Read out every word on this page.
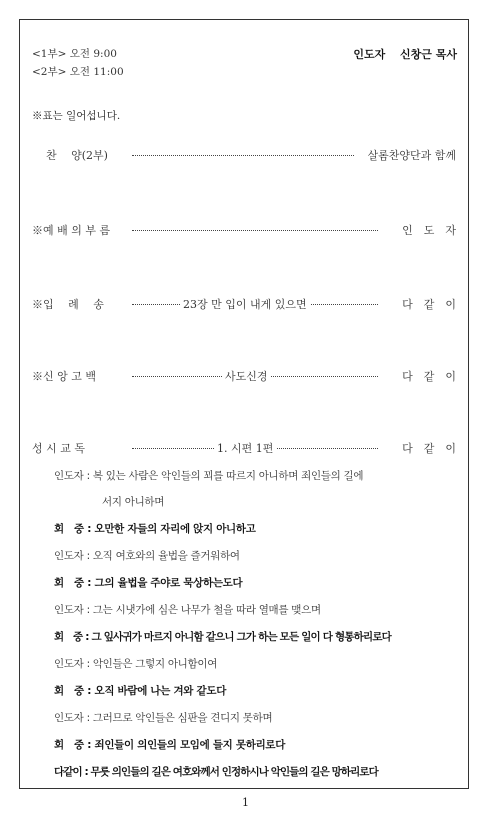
<1부> 오전 9:00
<2부> 오전 11:00
인도자　 신창근 목사
※표는 일어섭니다.
찬　 양(2부)	살롬찬양단과 함께
※예 배 의 부 름	인　도　자
※입　 례　 송	23장 만 입이 내게 있으면	다　같　이
※신 앙 고 백	사도신경	다　같　이
성 시 교 독	1. 시편 1편	다　같　이
인도자 : 복 있는 사람은 악인들의 꾀를 따르지 아니하며 죄인들의 길에
서지 아니하며
회　중 : 오만한 자들의 자리에 앉지 아니하고
인도자 : 오직 여호와의 율법을 즐거워하여
회　중 : 그의 율법을 주야로 묵상하는도다
인도자 : 그는 시냇가에 심은 나무가 철을 따라 열매를 맺으며
회　중 : 그 잎사귀가 마르지 아니함 같으니 그가 하는 모든 일이 다 형통하리로다
인도자 : 악인들은 그렇지 아니함이여
회　중 : 오직 바람에 나는 겨와 같도다
인도자 : 그러므로 악인들은 심판을 견디지 못하며
회　중 : 죄인들이 의인들의 모임에 들지 못하리로다
다같이 : 무릇 의인들의 길은 여호와께서 인정하시나 악인들의 길은 망하리로다
1
